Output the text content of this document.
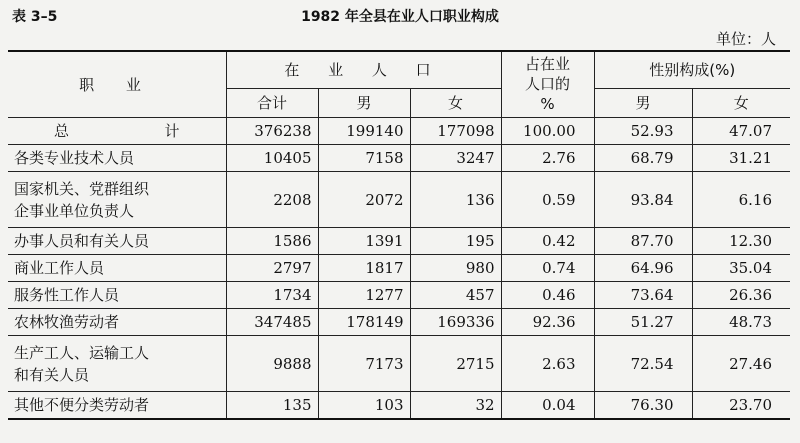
表 3–5	1982 年全县在业人口职业构成
单位：人
职 业	在 业 人 口			占在业
人口的
%	性别构成(%)	
	合计	男	女		男	女
总 计	376238	199140	177098	100.00	52.93	47.07
各类专业技术人员	10405	7158	3247	2.76	68.79	31.21

国家机关、党群组织
企事业单位负责人	2208	2072	136	0.59	93.84	6.16
办事人员和有关人员	1586	1391	195	0.42	87.70	12.30
商业工作人员	2797	1817	980	0.74	64.96	35.04
服务性工作人员	1734	1277	457	0.46	73.64	26.36
农林牧渔劳动者	347485	178149	169336	92.36	51.27	48.73

生产工人、运输工人
和有关人员	9888	7173	2715	2.63	72.54	27.46
其他不便分类劳动者	135	103	32	0.04	76.30	23.70
